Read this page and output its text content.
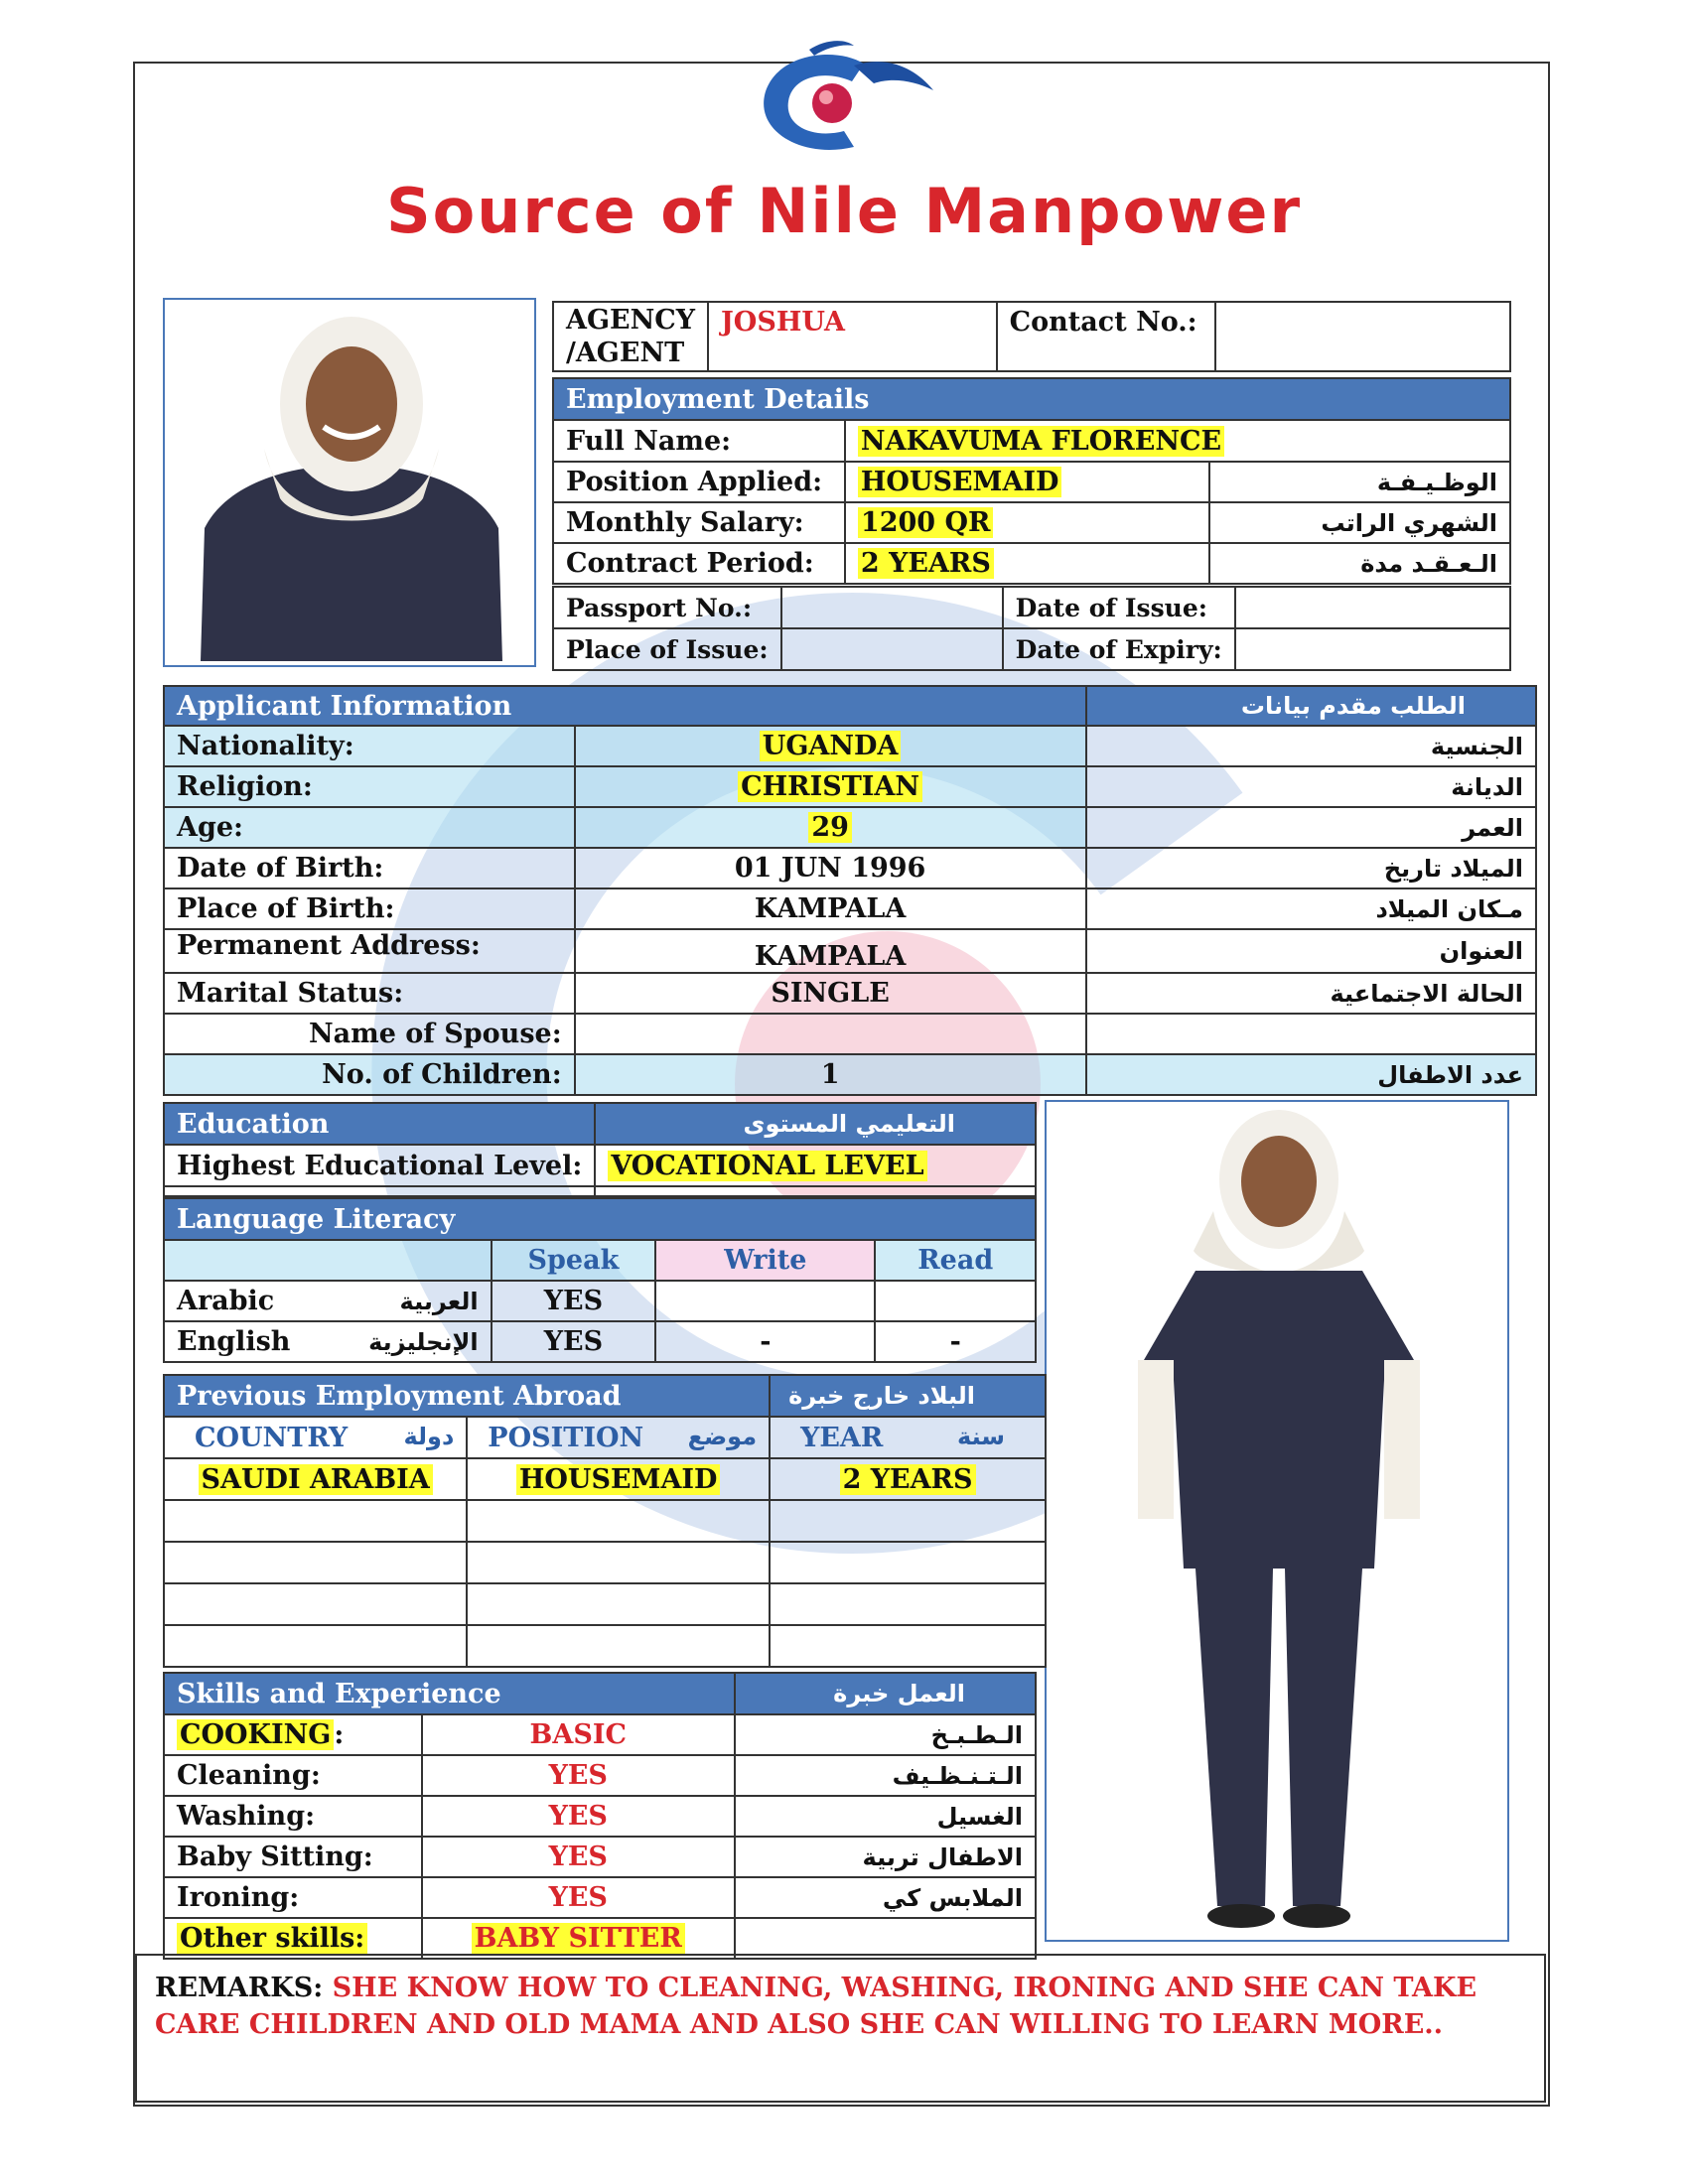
Source of Nile Manpower
AGENCY /AGENT	JOSHUA	Contact No.:	
Employment Details		
Full Name:	NAKAVUMA FLORENCE	
Position Applied:	HOUSEMAID	الوظـيـفـة
Monthly Salary:	1200 QR	الشهري الراتب
Contract Period:	2 YEARS	الـعـقـد مدة
Passport No.:		Date of Issue:	
Place of Issue:		Date of Expiry:	
Applicant Information		الطلب مقدم بيانات
Nationality:	UGANDA	الجنسية
Religion:	CHRISTIAN	الديانة
Age:	29	العمر
Date of Birth:	01 JUN 1996	الميلاد تاريخ
Place of Birth:	KAMPALA	مـكان الميلاد
Permanent Address:	KAMPALA	العنوان
Marital Status:	SINGLE	الحالة الاجتماعية
Name of Spouse:		
No. of Children:	1	عدد الاطفال
Education	التعليمي المستوى
Highest Educational Level:	VOCATIONAL LEVEL

Language Literacy				
		Speak	Write	Read
Arabic	العربية	YES		
English	الإنجليزية	YES	-	-
Previous Employment Abroad		البلاد خارج خبرة
COUNTRY دولة	POSITION موضع	YEAR سنة

SAUDI ARABIA	HOUSEMAID	2 YEARS

Skills and Experience		العمل خبرة
COOKING :	BASIC	الـطـبـخ
Cleaning:	YES	الـتـنـظـيف
Washing:	YES	الغسيل
Baby Sitting:	YES	الاطفال تربية
Ironing:	YES	الملابس كي
Other skills:	BABY SITTER	
REMARKS: SHE KNOW HOW TO CLEANING, WASHING, IRONING AND SHE CAN TAKE CARE CHILDREN AND OLD MAMA AND ALSO SHE CAN WILLING TO LEARN MORE..
